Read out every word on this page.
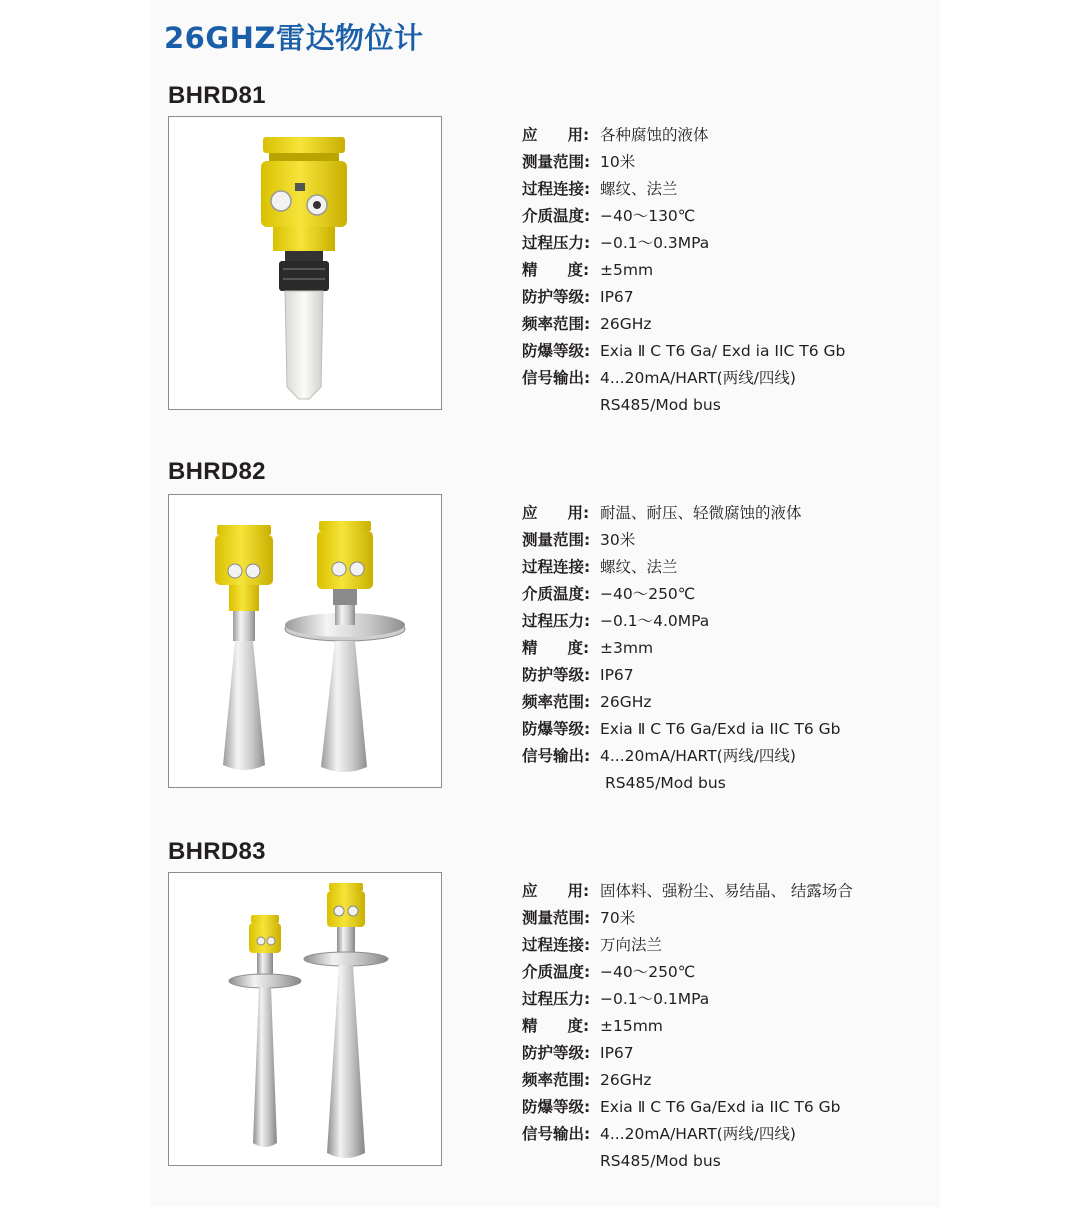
26GHZ雷达物位计
BHRD81
应 用: 各种腐蚀的液体
测量范围: 10米
过程连接: 螺纹、法兰
介质温度: −40～130℃
过程压力: −0.1～0.3MPa
精 度: ±5mm
防护等级: IP67
频率范围: 26GHz
防爆等级: Exia Ⅱ C T6 Ga/ Exd ia IIC T6 Gb
信号输出: 4...20mA/HART(两线/四线)
RS485/Mod bus
BHRD82
应 用: 耐温、耐压、轻微腐蚀的液体
测量范围: 30米
过程连接: 螺纹、法兰
介质温度: −40～250℃
过程压力: −0.1～4.0MPa
精 度: ±3mm
防护等级: IP67
频率范围: 26GHz
防爆等级: Exia Ⅱ C T6 Ga/Exd ia IIC T6 Gb
信号输出: 4...20mA/HART(两线/四线)
RS485/Mod bus
BHRD83
应 用: 固体料、强粉尘、易结晶、 结露场合
测量范围: 70米
过程连接: 万向法兰
介质温度: −40～250℃
过程压力: −0.1～0.1MPa
精 度: ±15mm
防护等级: IP67
频率范围: 26GHz
防爆等级: Exia Ⅱ C T6 Ga/Exd ia IIC T6 Gb
信号输出: 4...20mA/HART(两线/四线)
RS485/Mod bus
